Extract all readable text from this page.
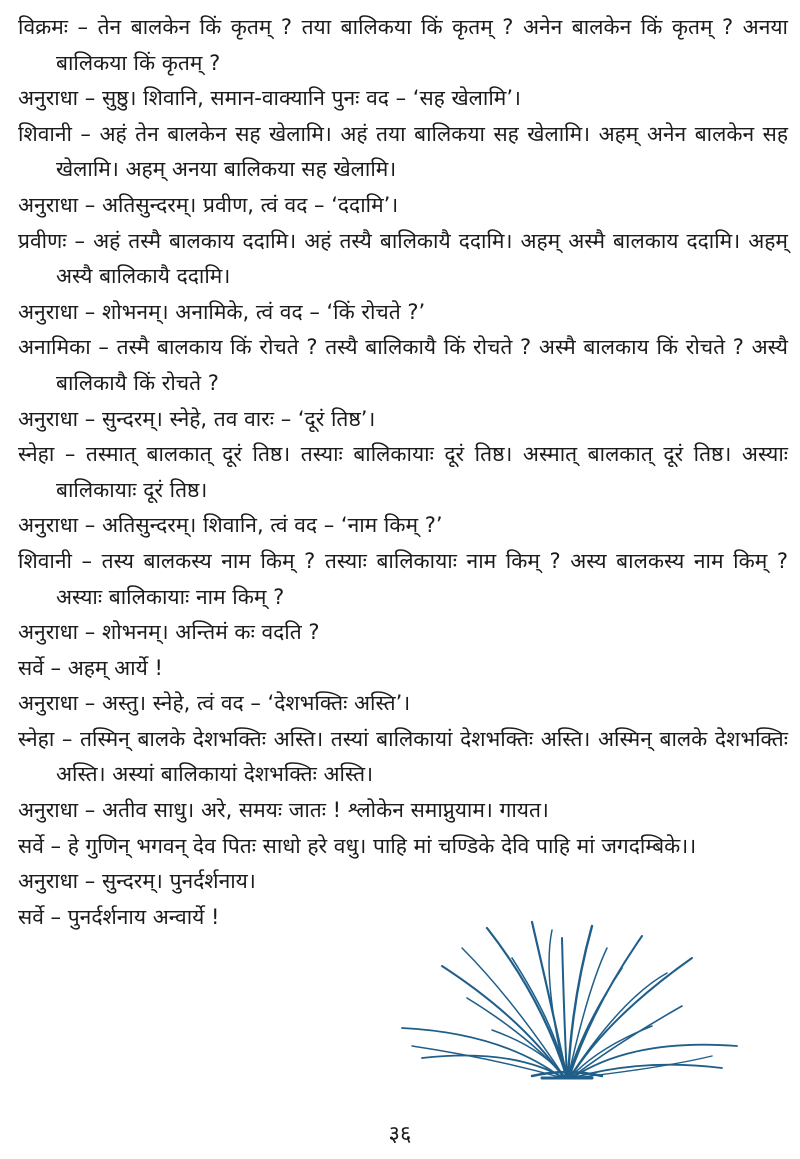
विक्रमः – तेन बालकेन किं कृतम् ? तया बालिकया किं कृतम् ? अनेन बालकेन किं कृतम् ? अनया बालिकया किं कृतम् ?
अनुराधा – सुष्ठु। शिवानि, समान-वाक्यानि पुनः वद – ‘सह खेलामि’।
शिवानी – अहं तेन बालकेन सह खेलामि। अहं तया बालिकया सह खेलामि। अहम् अनेन बालकेन सह खेलामि। अहम् अनया बालिकया सह खेलामि।
अनुराधा – अतिसुन्दरम्। प्रवीण, त्वं वद – ‘ददामि’।
प्रवीणः – अहं तस्मै बालकाय ददामि। अहं तस्यै बालिकायै ददामि। अहम् अस्मै बालकाय ददामि। अहम् अस्यै बालिकायै ददामि।
अनुराधा – शोभनम्। अनामिके, त्वं वद – ‘किं रोचते ?’
अनामिका – तस्मै बालकाय किं रोचते ? तस्यै बालिकायै किं रोचते ? अस्मै बालकाय किं रोचते ? अस्यै बालिकायै किं रोचते ?
अनुराधा – सुन्दरम्। स्नेहे, तव वारः – ‘दूरं तिष्ठ’।
स्नेहा – तस्मात् बालकात् दूरं तिष्ठ। तस्याः बालिकायाः दूरं तिष्ठ। अस्मात् बालकात् दूरं तिष्ठ। अस्याः बालिकायाः दूरं तिष्ठ।
अनुराधा – अतिसुन्दरम्। शिवानि, त्वं वद – ‘नाम किम् ?’
शिवानी – तस्य बालकस्य नाम किम् ? तस्याः बालिकायाः नाम किम् ? अस्य बालकस्य नाम किम् ? अस्याः बालिकायाः नाम किम् ?
अनुराधा – शोभनम्। अन्तिमं कः वदति ?
सर्वे – अहम् आर्ये !
अनुराधा – अस्तु। स्नेहे, त्वं वद – ‘देशभक्तिः अस्ति’।
स्नेहा – तस्मिन् बालके देशभक्तिः अस्ति। तस्यां बालिकायां देशभक्तिः अस्ति। अस्मिन् बालके देशभक्तिः अस्ति। अस्यां बालिकायां देशभक्तिः अस्ति।
अनुराधा – अतीव साधु। अरे, समयः जातः ! श्लोकेन समाप्नुयाम। गायत।
सर्वे – हे गुणिन् भगवन् देव पितः साधो हरे वधु। पाहि मां चण्डिके देवि पाहि मां जगदम्बिके।।
अनुराधा – सुन्दरम्। पुनर्दर्शनाय।
सर्वे – पुनर्दर्शनाय अन्वार्ये !
३६
